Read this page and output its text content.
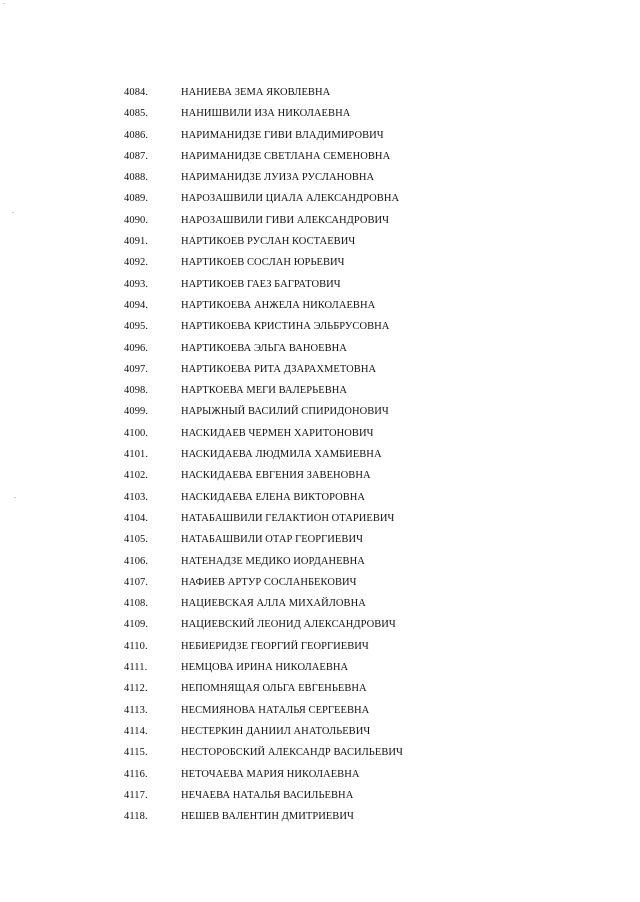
4084.	НАНИЕВА ЗЕМА ЯКОВЛЕВНА
4085.	НАНИШВИЛИ ИЗА НИКОЛАЕВНА
4086.	НАРИМАНИДЗЕ ГИВИ ВЛАДИМИРОВИЧ
4087.	НАРИМАНИДЗЕ СВЕТЛАНА СЕМЕНОВНА
4088.	НАРИМАНИДЗЕ ЛУИЗА РУСЛАНОВНА
4089.	НАРОЗАШВИЛИ ЦИАЛА АЛЕКСАНДРОВНА
4090.	НАРОЗАШВИЛИ ГИВИ АЛЕКСАНДРОВИЧ
4091.	НАРТИКОЕВ РУСЛАН КОСТАЕВИЧ
4092.	НАРТИКОЕВ СОСЛАН ЮРЬЕВИЧ
4093.	НАРТИКОЕВ ГАЕЗ БАГРАТОВИЧ
4094.	НАРТИКОЕВА АНЖЕЛА НИКОЛАЕВНА
4095.	НАРТИКОЕВА КРИСТИНА ЭЛЬБРУСОВНА
4096.	НАРТИКОЕВА ЭЛЬГА ВАНОЕВНА
4097.	НАРТИКОЕВА РИТА ДЗАРАХМЕТОВНА
4098.	НАРТКОЕВА МЕГИ ВАЛЕРЬЕВНА
4099.	НАРЫЖНЫЙ ВАСИЛИЙ СПИРИДОНОВИЧ
4100.	НАСКИДАЕВ ЧЕРМЕН ХАРИТОНОВИЧ
4101.	НАСКИДАЕВА ЛЮДМИЛА ХАМБИЕВНА
4102.	НАСКИДАЕВА ЕВГЕНИЯ ЗАВЕНОВНА
4103.	НАСКИДАЕВА ЕЛЕНА ВИКТОРОВНА
4104.	НАТАБАШВИЛИ ГЕЛАКТИОН ОТАРИЕВИЧ
4105.	НАТАБАШВИЛИ ОТАР ГЕОРГИЕВИЧ
4106.	НАТЕНАДЗЕ МЕДИКО ИОРДАНЕВНА
4107.	НАФИЕВ АРТУР СОСЛАНБЕКОВИЧ
4108.	НАЦИЕВСКАЯ АЛЛА МИХАЙЛОВНА
4109.	НАЦИЕВСКИЙ ЛЕОНИД АЛЕКСАНДРОВИЧ
4110.	НЕБИЕРИДЗЕ ГЕОРГИЙ ГЕОРГИЕВИЧ
4111.	НЕМЦОВА ИРИНА НИКОЛАЕВНА
4112.	НЕПОМНЯЩАЯ ОЛЬГА ЕВГЕНЬЕВНА
4113.	НЕСМИЯНОВА НАТАЛЬЯ СЕРГЕЕВНА
4114.	НЕСТЕРКИН ДАНИИЛ АНАТОЛЬЕВИЧ
4115.	НЕСТОРОБСКИЙ АЛЕКСАНДР ВАСИЛЬЕВИЧ
4116.	НЕТОЧАЕВА МАРИЯ НИКОЛАЕВНА
4117.	НЕЧАЕВА НАТАЛЬЯ ВАСИЛЬЕВНА
4118.	НЕШЕВ ВАЛЕНТИН ДМИТРИЕВИЧ
